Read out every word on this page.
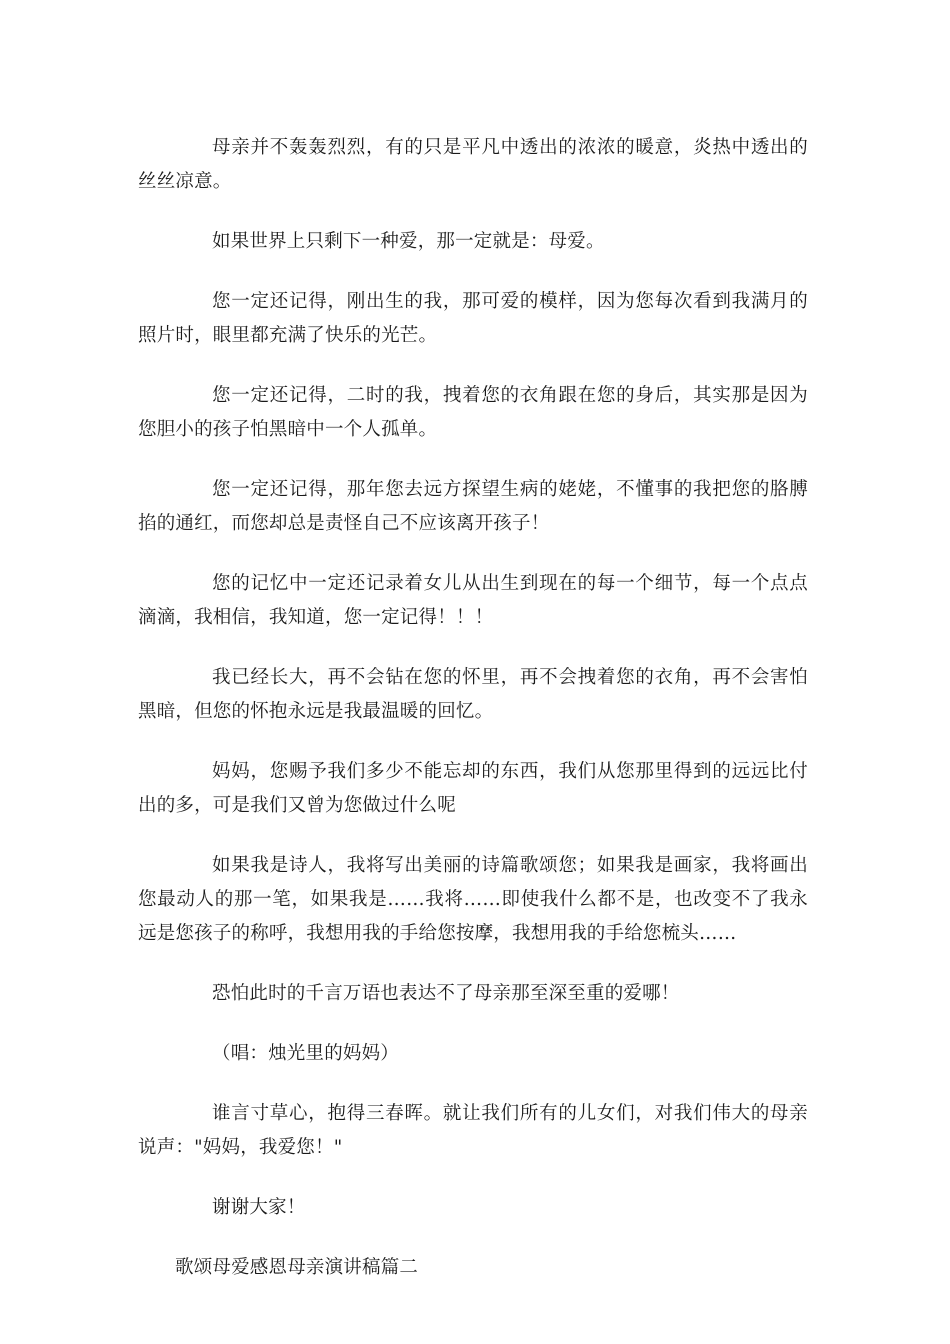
母亲并不轰轰烈烈，有的只是平凡中透出的浓浓的暖意，炎热中透出的丝丝凉意。

如果世界上只剩下一种爱，那一定就是：母爱。

您一定还记得，刚出生的我，那可爱的模样，因为您每次看到我满月的照片时，眼里都充满了快乐的光芒。

您一定还记得，二时的我，拽着您的衣角跟在您的身后，其实那是因为您胆小的孩子怕黑暗中一个人孤单。

您一定还记得，那年您去远方探望生病的姥姥，不懂事的我把您的胳膊掐的通红，而您却总是责怪自己不应该离开孩子！

您的记忆中一定还记录着女儿从出生到现在的每一个细节，每一个点点滴滴，我相信，我知道，您一定记得！！！

我已经长大，再不会钻在您的怀里，再不会拽着您的衣角，再不会害怕黑暗，但您的怀抱永远是我最温暖的回忆。

妈妈，您赐予我们多少不能忘却的东西，我们从您那里得到的远远比付出的多，可是我们又曾为您做过什么呢

如果我是诗人，我将写出美丽的诗篇歌颂您；如果我是画家，我将画出您最动人的那一笔，如果我是……我将……即使我什么都不是，也改变不了我永远是您孩子的称呼，我想用我的手给您按摩，我想用我的手给您梳头……

恐怕此时的千言万语也表达不了母亲那至深至重的爱哪！

（唱：烛光里的妈妈）

谁言寸草心，抱得三春晖。就让我们所有的儿女们，对我们伟大的母亲说声："妈妈，我爱您！"

谢谢大家！

歌颂母爱感恩母亲演讲稿篇二
